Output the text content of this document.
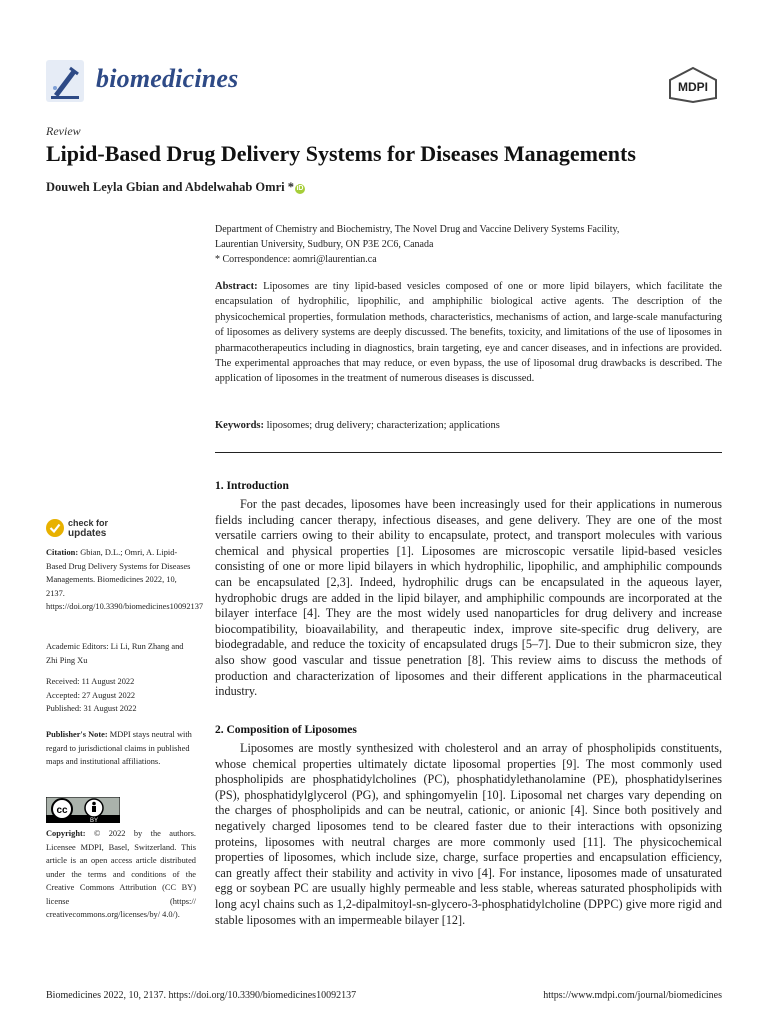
biomedicines	MDPI
Review
Lipid-Based Drug Delivery Systems for Diseases Managements
Douweh Leyla Gbian and Abdelwahab Omri * iD
Department of Chemistry and Biochemistry, The Novel Drug and Vaccine Delivery Systems Facility,
Laurentian University, Sudbury, ON P3E 2C6, Canada
* Correspondence: aomri@laurentian.ca
Abstract: Liposomes are tiny lipid-based vesicles composed of one or more lipid bilayers, which facilitate the encapsulation of hydrophilic, lipophilic, and amphiphilic biological active agents. The description of the physicochemical properties, formulation methods, characteristics, mechanisms of action, and large-scale manufacturing of liposomes as delivery systems are deeply discussed. The benefits, toxicity, and limitations of the use of liposomes in pharmacotherapeutics including in diagnostics, brain targeting, eye and cancer diseases, and in infections are provided. The experimental approaches that may reduce, or even bypass, the use of liposomal drug drawbacks is described. The application of liposomes in the treatment of numerous diseases is discussed.
Keywords: liposomes; drug delivery; characterization; applications
1. Introduction

For the past decades, liposomes have been increasingly used for their applications in numerous fields including cancer therapy, infectious diseases, and gene delivery. They are one of the most versatile carriers owing to their ability to encapsulate, protect, and transport molecules with various chemical and physical properties [1]. Liposomes are microscopic versatile lipid-based vesicles consisting of one or more lipid bilayers in which hydrophilic, lipophilic, and amphiphilic compounds can be encapsulated [2,3]. Indeed, hydrophilic drugs can be encapsulated in the aqueous layer, hydrophobic drugs are added in the lipid bilayer, and amphiphilic compounds are incorporated at the bilayer interface [4]. They are the most widely used nanoparticles for drug delivery and increase biocompatibility, bioavailability, and therapeutic index, improve site-specific drug delivery, are biodegradable, and reduce the toxicity of encapsulated drugs [5–7]. Due to their submicron size, they also show good vascular and tissue penetration [8]. This review aims to discuss the methods of production and characterization of liposomes and their different applications in the pharmaceutical industry.

2. Composition of Liposomes

Liposomes are mostly synthesized with cholesterol and an array of phospholipids constituents, whose chemical properties ultimately dictate liposomal properties [9]. The most commonly used phospholipids are phosphatidylcholines (PC), phosphatidylethanolamine (PE), phosphatidylserines (PS), phosphatidylglycerol (PG), and sphingomyelin [10]. Liposomal net charges vary depending on the charges of phospholipids and can be neutral, cationic, or anionic [4]. Since both positively and negatively charged liposomes tend to be cleared faster due to their interactions with opsonizing proteins, liposomes with neutral charges are more commonly used [11]. The physicochemical properties of liposomes, which include size, charge, surface properties and encapsulation efficiency, can greatly affect their stability and activity in vivo [4]. For instance, liposomes made of unsaturated egg or soybean PC are usually highly permeable and less stable, whereas saturated phospholipids with long acyl chains such as 1,2-dipalmitoyl-sn-glycero-3-phosphatidylcholine (DPPC) give more rigid and stable liposomes with an impermeable bilayer [12].

check for
updates
Citation: Gbian, D.L.; Omri, A. Lipid-Based Drug Delivery Systems for Diseases Managements. Biomedicines 2022, 10, 2137. https://doi.org/10.3390/biomedicines10092137
Academic Editors: Li Li, Run Zhang and Zhi Ping Xu
Received: 11 August 2022
Accepted: 27 August 2022
Published: 31 August 2022
Publisher's Note: MDPI stays neutral with regard to jurisdictional claims in published maps and institutional affiliations.
cc
BY
Copyright: © 2022 by the authors. Licensee MDPI, Basel, Switzerland. This article is an open access article distributed under the terms and conditions of the Creative Commons Attribution (CC BY) license (https:// creativecommons.org/licenses/by/ 4.0/).
Biomedicines 2022, 10, 2137. https://doi.org/10.3390/biomedicines10092137	https://www.mdpi.com/journal/biomedicines
